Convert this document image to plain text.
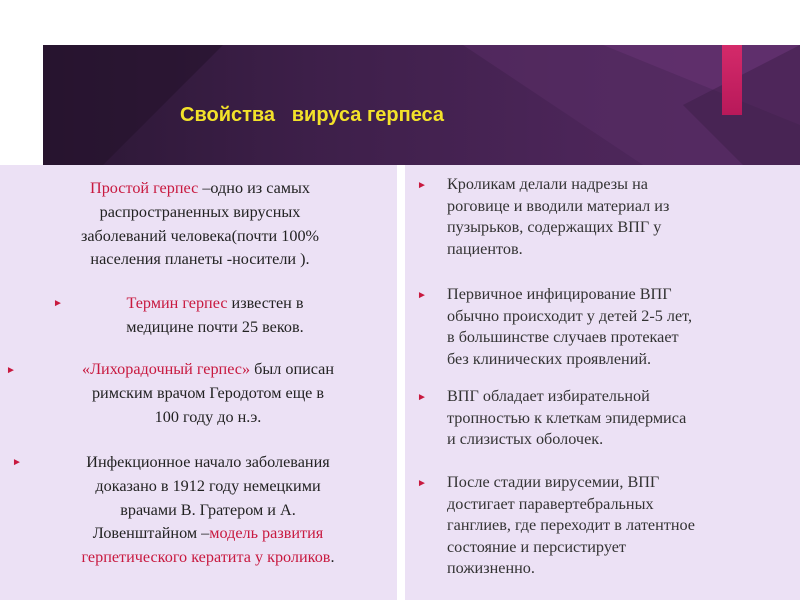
Свойства   вируса герпеса
Простой герпес –одно из самых
распространенных вирусных
заболеваний человека(почти 100%
населения планеты -носители ).
►	Термин герпес известен в
медицине почти 25 веков.
►	«Лихорадочный герпес» был описан
римским врачом Геродотом еще в
100 году до н.э.
►	Инфекционное начало заболевания
доказано в 1912 году немецкими
врачами В. Гратером и А.
Ловенштайном –модель развития
герпетического кератита у кроликов.
► Кроликам делали надрезы на
роговице и вводили материал из
пузырьков, содержащих ВПГ у
пациентов.
► Первичное инфицирование ВПГ
обычно происходит у детей 2-5 лет,
в большинстве случаев протекает
без клинических проявлений.
► ВПГ обладает избирательной
тропностью к клеткам эпидермиса
и слизистых оболочек.
► После стадии вирусемии, ВПГ
достигает паравертебральных
ганглиев, где переходит в латентное
состояние и персистирует
пожизненно.
